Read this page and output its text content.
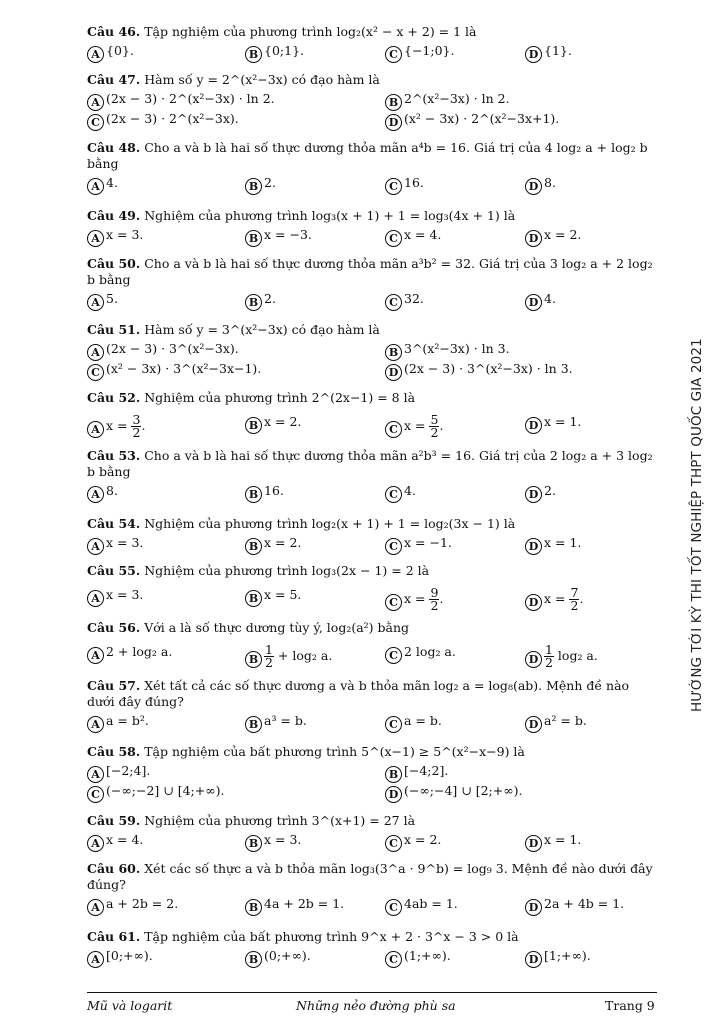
Câu 46. Tập nghiệm của phương trình log₂(x² − x + 2) = 1 là

A {0}.	B {0;1}.	C {−1;0}.	D {1}.

Câu 47. Hàm số y = 2^(x²−3x) có đạo hàm là

A (2x − 3) · 2^(x²−3x) · ln 2.	B 2^(x²−3x) · ln 2.
C (2x − 3) · 2^(x²−3x).	D (x² − 3x) · 2^(x²−3x+1).

Câu 48. Cho a và b là hai số thực dương thỏa mãn a⁴b = 16. Giá trị của 4 log₂ a + log₂ b bằng

A 4.	B 2.	C 16.	D 8.

Câu 49. Nghiệm của phương trình log₃(x + 1) + 1 = log₃(4x + 1) là

A x = 3.	B x = −3.	C x = 4.	D x = 2.

Câu 50. Cho a và b là hai số thực dương thỏa mãn a³b² = 32. Giá trị của 3 log₂ a + 2 log₂ b bằng

A 5.	B 2.	C 32.	D 4.

Câu 51. Hàm số y = 3^(x²−3x) có đạo hàm là

A (2x − 3) · 3^(x²−3x).	B 3^(x²−3x) · ln 3.
C (x² − 3x) · 3^(x²−3x−1).	D (2x − 3) · 3^(x²−3x) · ln 3.

Câu 52. Nghiệm của phương trình 2^(2x−1) = 8 là

A $x = \frac{3}{2}$ .	B x = 2.
C $x = \frac{5}{2}$ .	D x = 1.

Câu 53. Cho a và b là hai số thực dương thỏa mãn a²b³ = 16. Giá trị của 2 log₂ a + 3 log₂ b bằng

A 8.	B 16.	C 4.	D 2.

Câu 54. Nghiệm của phương trình log₂(x + 1) + 1 = log₂(3x − 1) là

A x = 3.	B x = 2.	C x = −1.	D x = 1.

Câu 55. Nghiệm của phương trình log₃(2x − 1) = 2 là

A x = 3.	B x = 5.
C $x = \frac{9}{2}$ .	D $x = \frac{7}{2}$ .

Câu 56. Với a là số thực dương tùy ý, log₂(a²) bằng

A 2 + log₂ a.
B $\frac{1}{2} + \log_2$ a.	C 2 log₂ a.
D $\frac{1}{2} \log_2$ a.

Câu 57. Xét tất cả các số thực dương a và b thỏa mãn log₂ a = log₈(ab). Mệnh đề nào dưới đây đúng?

A a = b².	B a³ = b.	C a = b.	D a² = b.

Câu 58. Tập nghiệm của bất phương trình 5^(x−1) ≥ 5^(x²−x−9) là

A [−2;4].	B [−4;2].
C (−∞;−2] ∪ [4;+∞).	D (−∞;−4] ∪ [2;+∞).

Câu 59. Nghiệm của phương trình 3^(x+1) = 27 là

A x = 4.	B x = 3.	C x = 2.	D x = 1.

Câu 60. Xét các số thực a và b thỏa mãn log₃(3^a · 9^b) = log₉ 3. Mệnh đề nào dưới đây đúng?

A a + 2b = 2.	B 4a + 2b = 1.	C 4ab = 1.	D 2a + 4b = 1.

Câu 61. Tập nghiệm của bất phương trình 9^x + 2 · 3^x − 3 > 0 là

A [0;+∞).	B (0;+∞).	C (1;+∞).	D [1;+∞).
HƯỚNG TỚI KỲ THI TỐT NGHIỆP THPT QUỐC GIA 2021
Mũ và logarit	Những nẻo đường phù sa	Trang 9
